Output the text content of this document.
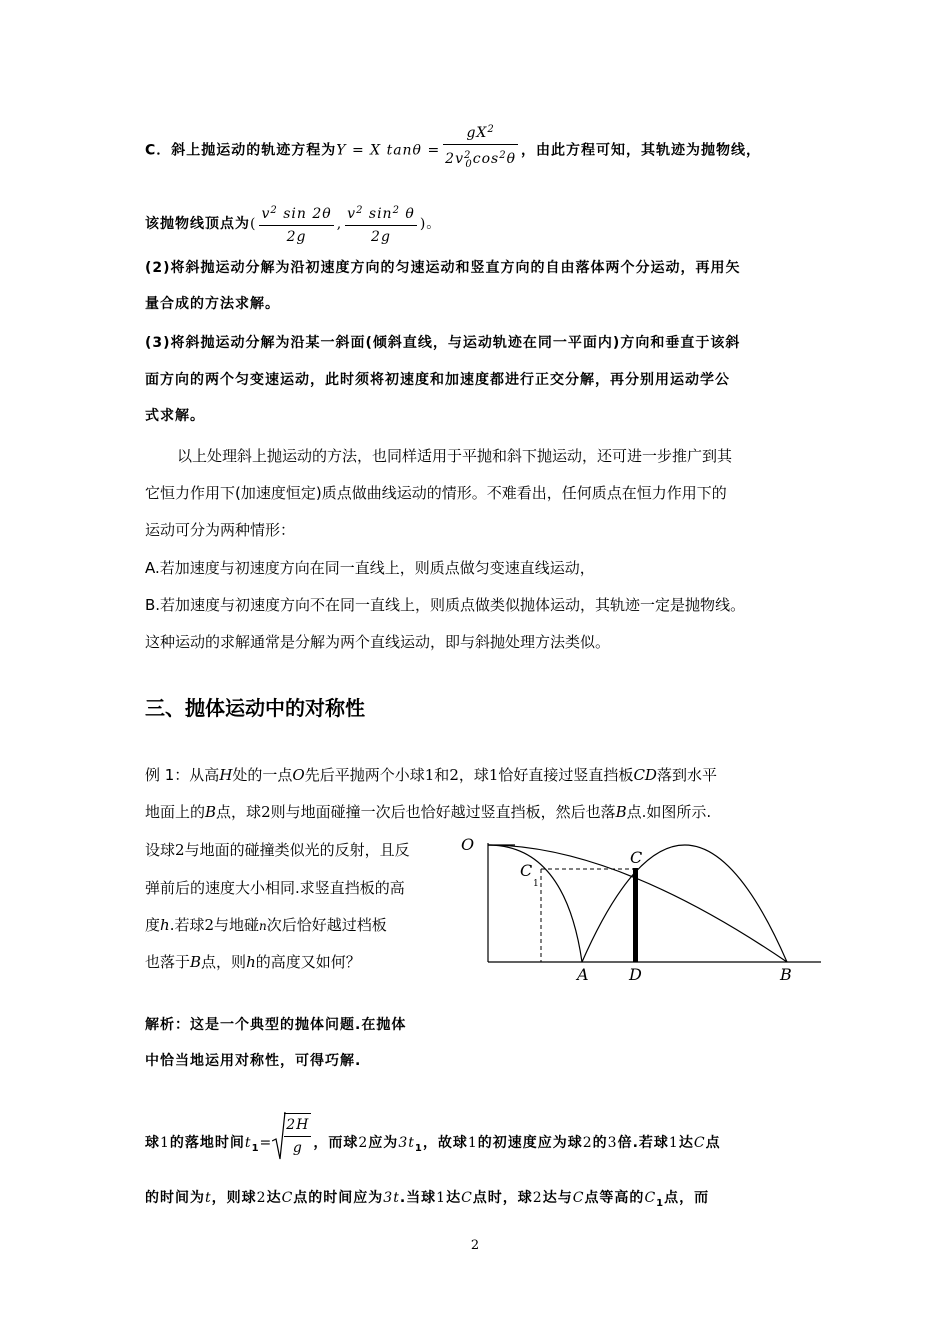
C．斜上抛运动的轨迹方程为Y = X $\tan\theta = \frac{gX^2}{2v^2_0\cos^2\theta}$ ，由此方程可知，其轨迹为抛物线，
该抛物线顶点为( $\frac{v^2 \sin 2\theta}{2g}$ , $\frac{v^2 \sin^2 \theta}{2g}$ )。
(2)将斜抛运动分解为沿初速度方向的匀速运动和竖直方向的自由落体两个分运动，再用矢
量合成的方法求解。
(3)将斜抛运动分解为沿某一斜面(倾斜直线，与运动轨迹在同一平面内)方向和垂直于该斜
面方向的两个匀变速运动，此时须将初速度和加速度都进行正交分解，再分别用运动学公
式求解。
以上处理斜上抛运动的方法，也同样适用于平抛和斜下抛运动，还可进一步推广到其
它恒力作用下(加速度恒定)质点做曲线运动的情形。不难看出，任何质点在恒力作用下的
运动可分为两种情形：
A.若加速度与初速度方向在同一直线上，则质点做匀变速直线运动，
B.若加速度与初速度方向不在同一直线上，则质点做类似抛体运动，其轨迹一定是抛物线。
这种运动的求解通常是分解为两个直线运动，即与斜抛处理方法类似。
三、抛体运动中的对称性
例 1：从高H处的一点O先后平抛两个小球1和2，球1恰好直接过竖直挡板CD落到水平
地面上的B点，球2则与地面碰撞一次后也恰好越过竖直挡板，然后也落B点.如图所示.
设球2与地面的碰撞类似光的反射，且反
弹前后的速度大小相同.求竖直挡板的高
度h.若球2与地碰n次后恰好越过档板
也落于B点，则h的高度又如何？
O
C
C
1
A	D	B
解析：这是一个典型的抛体问题.在抛体
中恰当地运用对称性，可得巧解.
球1的落地时间$t_1= \frac{2H}{g}$ ，而球2应为$3t_1$，故球1的初速度应为球2的3倍.若球1达C点
的时间为t，则球2达C点的时间应为3t.当球1达C点时，球2达与C点等高的$C_1$点，而
2
